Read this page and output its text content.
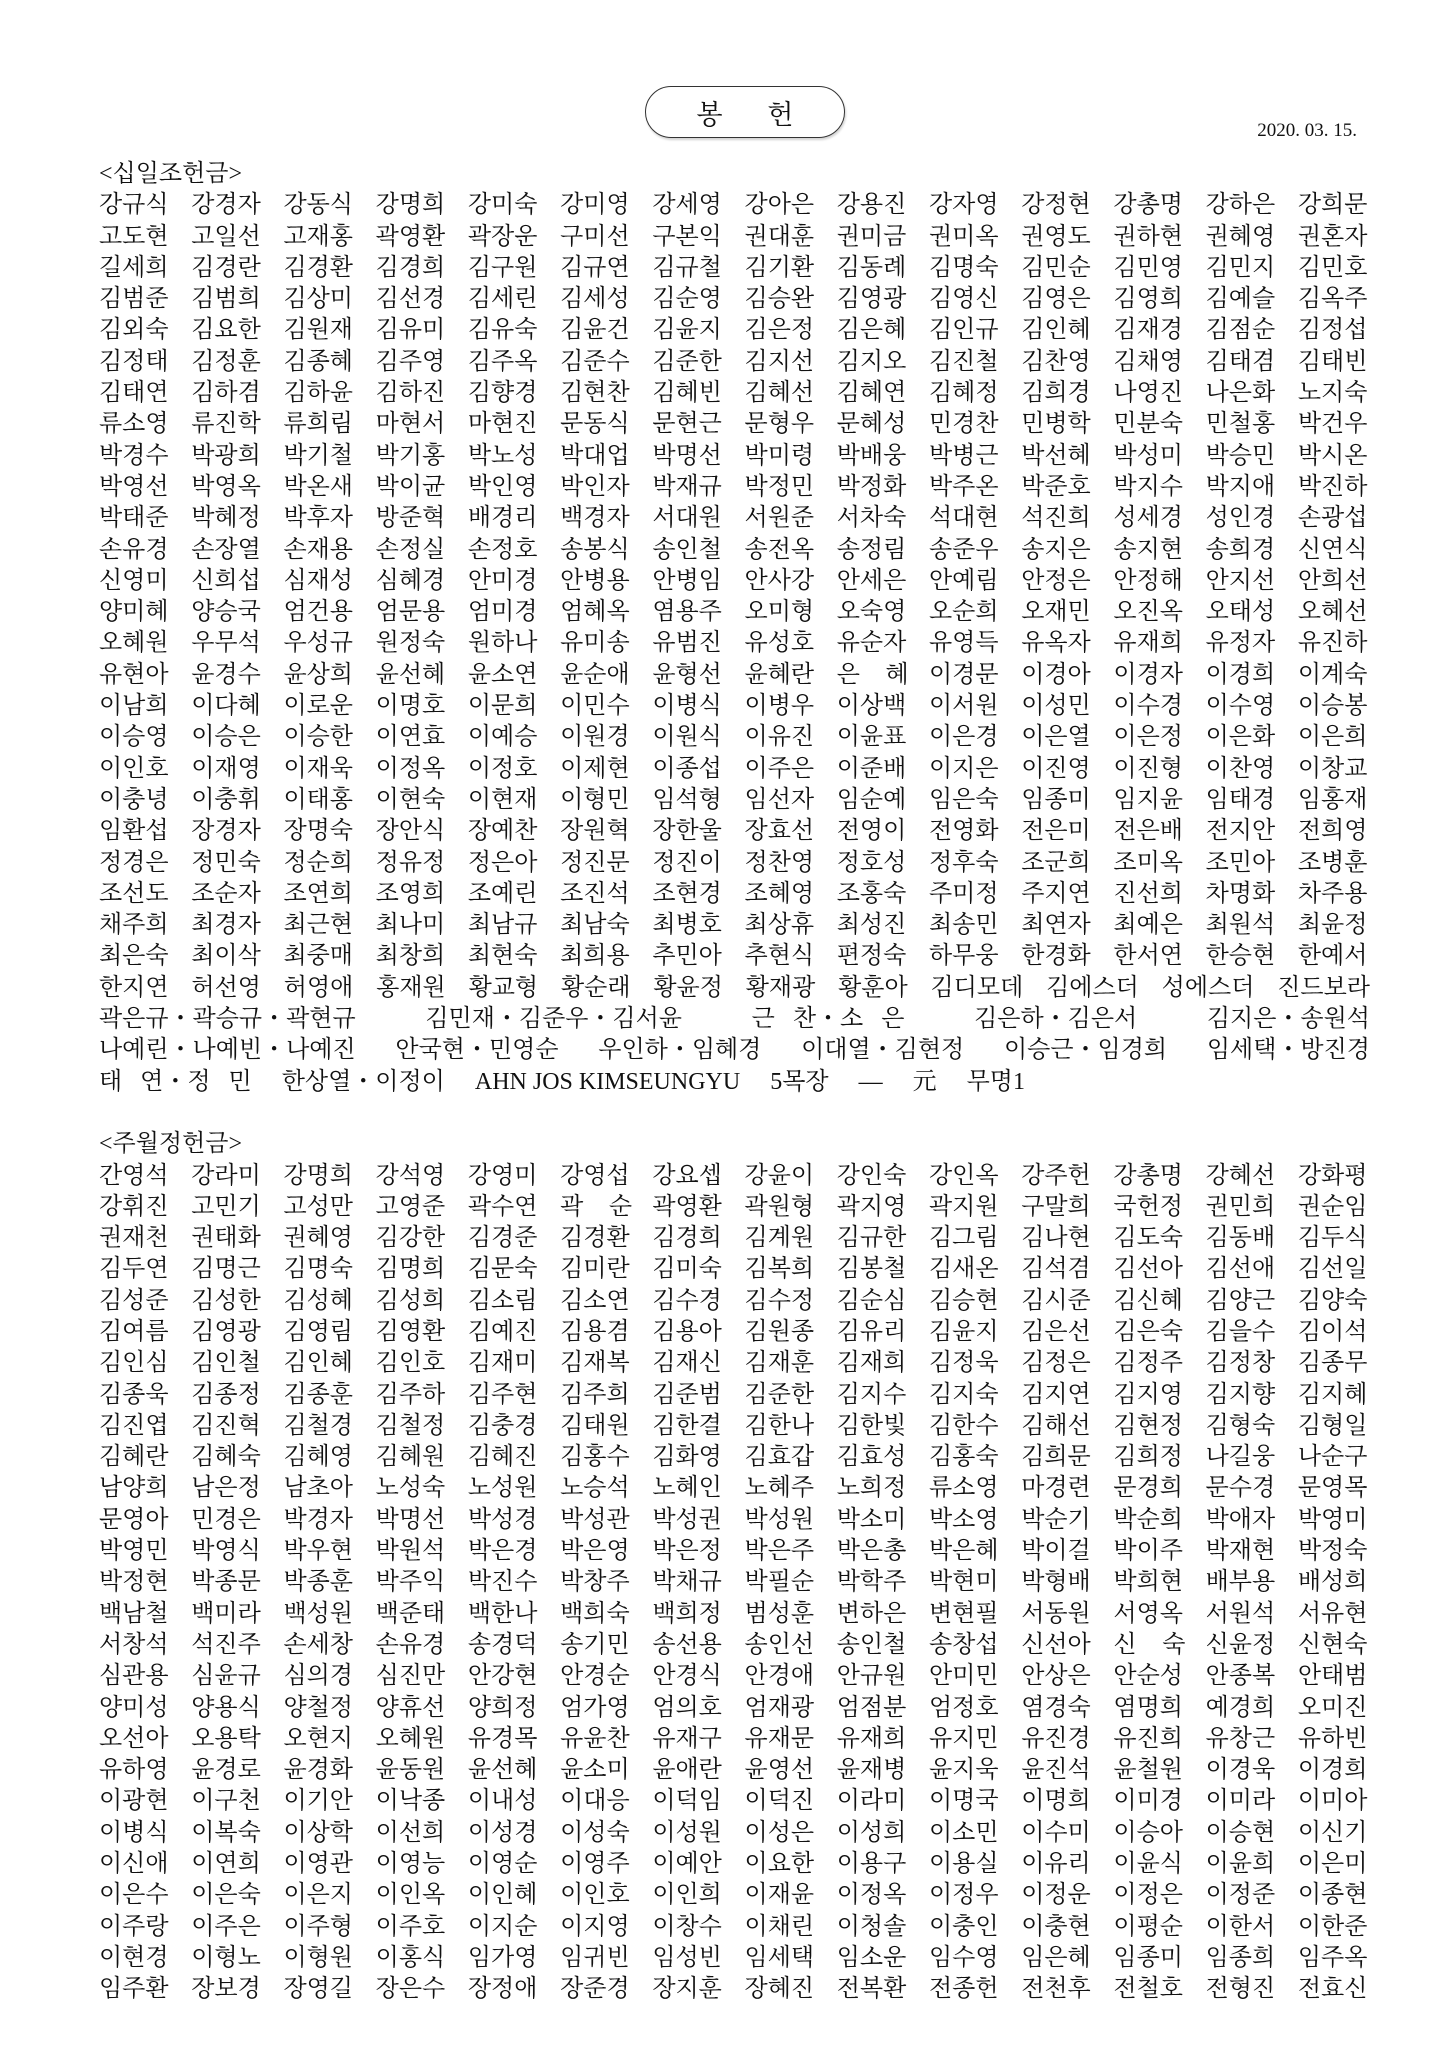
봉 헌
2020. 03. 15.
<십일조헌금>
강규식 강경자 강동식 강명희 강미숙 강미영 강세영 강아은 강용진 강자영 강정현 강총명 강하은 강희문
고도현 고일선 고재홍 곽영환 곽장운 구미선 구본익 권대훈 권미금 권미옥 권영도 권하현 권혜영 권혼자
길세희 김경란 김경환 김경희 김구원 김규연 김규철 김기환 김동례 김명숙 김민순 김민영 김민지 김민호
김범준 김범희 김상미 김선경 김세린 김세성 김순영 김승완 김영광 김영신 김영은 김영희 김예슬 김옥주
김외숙 김요한 김원재 김유미 김유숙 김윤건 김윤지 김은정 김은혜 김인규 김인혜 김재경 김점순 김정섭
김정태 김정훈 김종혜 김주영 김주옥 김준수 김준한 김지선 김지오 김진철 김찬영 김채영 김태겸 김태빈
김태연 김하겸 김하윤 김하진 김향경 김현찬 김혜빈 김혜선 김혜연 김혜정 김희경 나영진 나은화 노지숙
류소영 류진학 류희림 마현서 마현진 문동식 문현근 문형우 문혜성 민경찬 민병학 민분숙 민철홍 박건우
박경수 박광희 박기철 박기홍 박노성 박대업 박명선 박미령 박배웅 박병근 박선혜 박성미 박승민 박시온
박영선 박영옥 박온새 박이균 박인영 박인자 박재규 박정민 박정화 박주온 박준호 박지수 박지애 박진하
박태준 박혜정 박후자 방준혁 배경리 백경자 서대원 서원준 서차숙 석대현 석진희 성세경 성인경 손광섭
손유경 손장열 손재용 손정실 손정호 송봉식 송인철 송전옥 송정림 송준우 송지은 송지현 송희경 신연식
신영미 신희섭 심재성 심혜경 안미경 안병용 안병임 안사강 안세은 안예림 안정은 안정해 안지선 안희선
양미혜 양승국 엄건용 엄문용 엄미경 엄혜옥 염용주 오미형 오숙영 오순희 오재민 오진옥 오태성 오혜선
오혜원 우무석 우성규 원정숙 원하나 유미송 유범진 유성호 유순자 유영득 유옥자 유재희 유정자 유진하
유현아 윤경수 윤상희 윤선혜 윤소연 윤순애 윤형선 윤혜란 은 혜 이경문 이경아 이경자 이경희 이계숙
이남희 이다혜 이로운 이명호 이문희 이민수 이병식 이병우 이상백 이서원 이성민 이수경 이수영 이승봉
이승영 이승은 이승한 이연효 이예승 이원경 이원식 이유진 이윤표 이은경 이은열 이은정 이은화 이은희
이인호 이재영 이재욱 이정옥 이정호 이제현 이종섭 이주은 이준배 이지은 이진영 이진형 이찬영 이창교
이충녕 이충휘 이태홍 이현숙 이현재 이형민 임석형 임선자 임순예 임은숙 임종미 임지윤 임태경 임홍재
임환섭 장경자 장명숙 장안식 장예찬 장원혁 장한울 장효선 전영이 전영화 전은미 전은배 전지안 전희영
정경은 정민숙 정순희 정유정 정은아 정진문 정진이 정찬영 정호성 정후숙 조군희 조미옥 조민아 조병훈
조선도 조순자 조연희 조영희 조예린 조진석 조현경 조혜영 조홍숙 주미정 주지연 진선희 차명화 차주용
채주희 최경자 최근현 최나미 최남규 최남숙 최병호 최상휴 최성진 최송민 최연자 최예은 최원석 최윤정
최은숙 최이삭 최중매 최창희 최현숙 최희용 추민아 추현식 편정숙 하무웅 한경화 한서연 한승현 한예서
한지연 허선영 허영애 홍재원 황교형 황순래 황윤정 황재광 황훈아 김디모데 김에스더 성에스더 진드보라
곽은규・곽승규・곽현규	김민재・김준우・김서윤	근   찬・소   은	김은하・김은서	김지은・송원석
나예린・나예빈・나예진 안국현・민영순 우인하・임혜경 이대열・김현정 이승근・임경희 임세택・방진경
태   연・정   민 한상열・이정이 AHN JOS KIMSEUNGYU 5목장 — 元 무명1
<주월정헌금>
간영석 강라미 강명희 강석영 강영미 강영섭 강요셉 강윤이 강인숙 강인옥 강주헌 강총명 강혜선 강화평
강휘진 고민기 고성만 고영준 곽수연 곽 순 곽영환 곽원형 곽지영 곽지원 구말희 국헌정 권민희 권순임
권재천 권태화 권혜영 김강한 김경준 김경환 김경희 김계원 김규한 김그림 김나현 김도숙 김동배 김두식
김두연 김명근 김명숙 김명희 김문숙 김미란 김미숙 김복희 김봉철 김새온 김석겸 김선아 김선애 김선일
김성준 김성한 김성혜 김성희 김소림 김소연 김수경 김수정 김순심 김승현 김시준 김신혜 김양근 김양숙
김여름 김영광 김영림 김영환 김예진 김용겸 김용아 김원종 김유리 김윤지 김은선 김은숙 김을수 김이석
김인심 김인철 김인혜 김인호 김재미 김재복 김재신 김재훈 김재희 김정욱 김정은 김정주 김정창 김종무
김종욱 김종정 김종훈 김주하 김주현 김주희 김준범 김준한 김지수 김지숙 김지연 김지영 김지향 김지혜
김진엽 김진혁 김철경 김철정 김충경 김태원 김한결 김한나 김한빛 김한수 김해선 김현정 김형숙 김형일
김혜란 김혜숙 김혜영 김혜원 김혜진 김홍수 김화영 김효갑 김효성 김홍숙 김희문 김희정 나길웅 나순구
남양희 남은정 남초아 노성숙 노성원 노승석 노혜인 노혜주 노희정 류소영 마경련 문경희 문수경 문영목
문영아 민경은 박경자 박명선 박성경 박성관 박성권 박성원 박소미 박소영 박순기 박순희 박애자 박영미
박영민 박영식 박우현 박원석 박은경 박은영 박은정 박은주 박은총 박은혜 박이걸 박이주 박재현 박정숙
박정현 박종문 박종훈 박주익 박진수 박창주 박채규 박필순 박학주 박현미 박형배 박희현 배부용 배성희
백남철 백미라 백성원 백준태 백한나 백희숙 백희정 범성훈 변하은 변현필 서동원 서영옥 서원석 서유현
서창석 석진주 손세창 손유경 송경덕 송기민 송선용 송인선 송인철 송창섭 신선아 신 숙 신윤정 신현숙
심관용 심윤규 심의경 심진만 안강현 안경순 안경식 안경애 안규원 안미민 안상은 안순성 안종복 안태범
양미성 양용식 양철정 양휴선 양희정 엄가영 엄의호 엄재광 엄점분 엄정호 염경숙 염명희 예경희 오미진
오선아 오용탁 오현지 오혜원 유경목 유윤찬 유재구 유재문 유재희 유지민 유진경 유진희 유창근 유하빈
유하영 윤경로 윤경화 윤동원 윤선혜 윤소미 윤애란 윤영선 윤재병 윤지욱 윤진석 윤철원 이경욱 이경희
이광현 이구천 이기안 이낙종 이내성 이대응 이덕임 이덕진 이라미 이명국 이명희 이미경 이미라 이미아
이병식 이복숙 이상학 이선희 이성경 이성숙 이성원 이성은 이성희 이소민 이수미 이승아 이승현 이신기
이신애 이연희 이영관 이영능 이영순 이영주 이예안 이요한 이용구 이용실 이유리 이윤식 이윤희 이은미
이은수 이은숙 이은지 이인옥 이인혜 이인호 이인희 이재윤 이정옥 이정우 이정운 이정은 이정준 이종현
이주랑 이주은 이주형 이주호 이지순 이지영 이창수 이채린 이청솔 이충인 이충현 이평순 이한서 이한준
이현경 이형노 이형원 이홍식 임가영 임귀빈 임성빈 임세택 임소운 임수영 임은혜 임종미 임종희 임주옥
임주환 장보경 장영길 장은수 장정애 장준경 장지훈 장혜진 전복환 전종헌 전천후 전철호 전형진 전효신
